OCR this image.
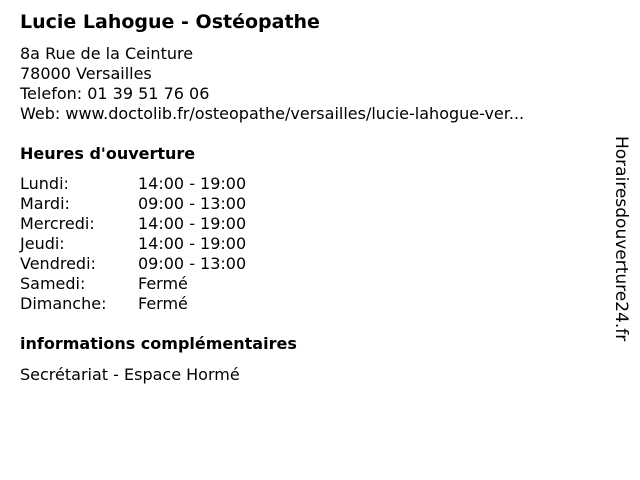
Lucie Lahogue - Ostéopathe
8a Rue de la Ceinture
78000 Versailles
Telefon: 01 39 51 76 06
Web: www.doctolib.fr/osteopathe/versailles/lucie-lahogue-ver...
Heures d'ouverture
Lundi:	14:00 - 19:00
Mardi:	09:00 - 13:00
Mercredi:	14:00 - 19:00
Jeudi:	14:00 - 19:00
Vendredi:	09:00 - 13:00
Samedi:	Fermé
Dimanche: Fermé
informations complémentaires
Secrétariat - Espace Hormé
Horairesdouverture24.fr
